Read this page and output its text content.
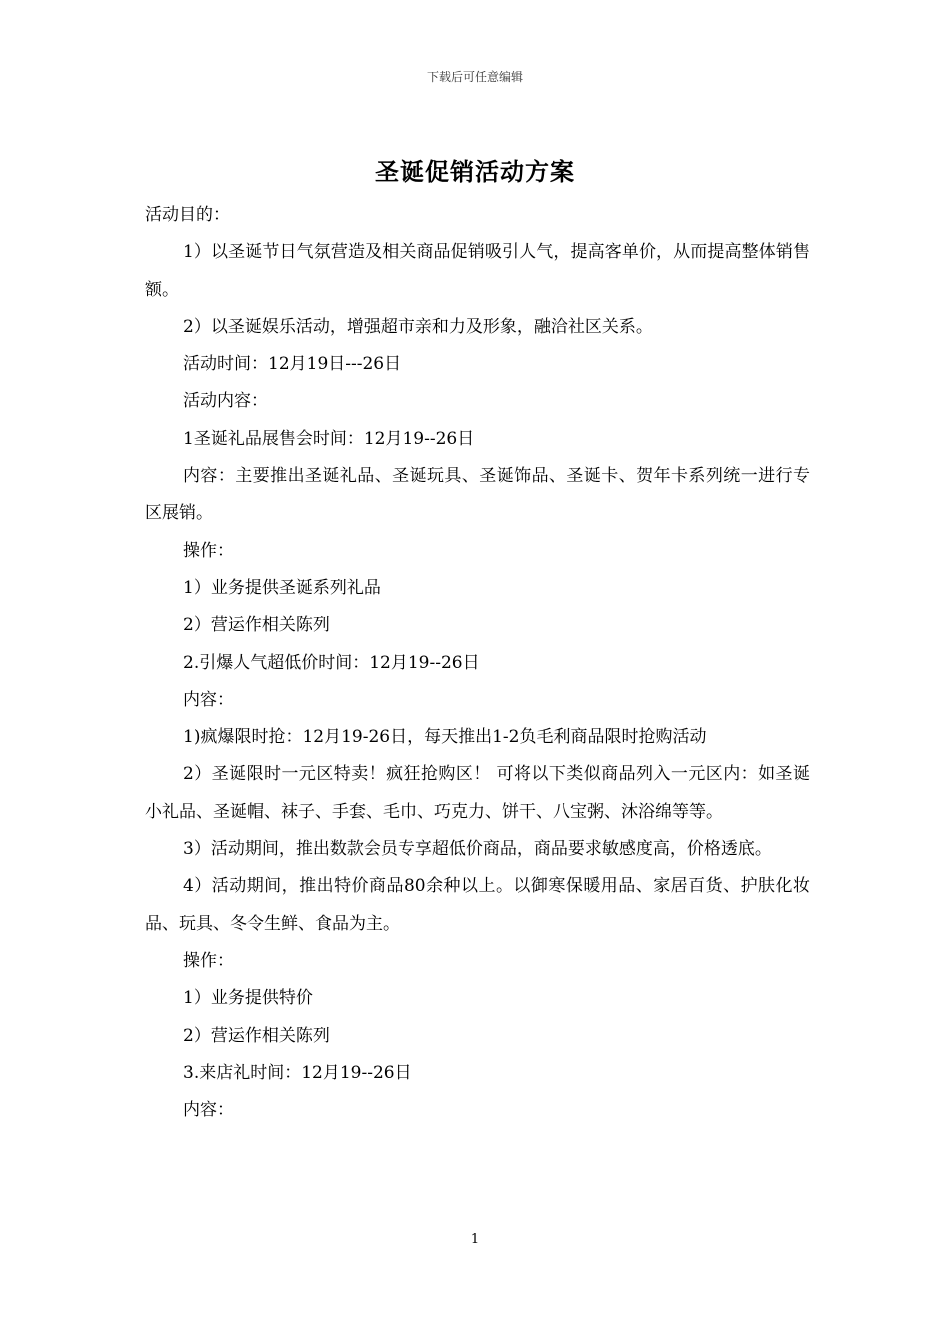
下载后可任意编辑
圣诞促销活动方案

活动目的：

1）以圣诞节日气氛营造及相关商品促销吸引人气，提高客单价，从而提高整体销售额。

2）以圣诞娱乐活动，增强超市亲和力及形象，融洽社区关系。

活动时间：12月19日---26日

活动内容：

1圣诞礼品展售会时间：12月19--26日

内容：主要推出圣诞礼品、圣诞玩具、圣诞饰品、圣诞卡、贺年卡系列统一进行专区展销。

操作：

1）业务提供圣诞系列礼品

2）营运作相关陈列

2.引爆人气超低价时间：12月19--26日

内容：

1)疯爆限时抢：12月19-26日，每天推出1-2负毛利商品限时抢购活动

2）圣诞限时一元区特卖！疯狂抢购区！ 可将以下类似商品列入一元区内：如圣诞小礼品、圣诞帽、袜子、手套、毛巾、巧克力、饼干、八宝粥、沐浴绵等等。

3）活动期间，推出数款会员专享超低价商品，商品要求敏感度高，价格透底。

4）活动期间，推出特价商品80余种以上。以御寒保暖用品、家居百货、护肤化妆品、玩具、冬令生鲜、食品为主。

操作：

1）业务提供特价

2）营运作相关陈列

3.来店礼时间：12月19--26日

内容：

1
